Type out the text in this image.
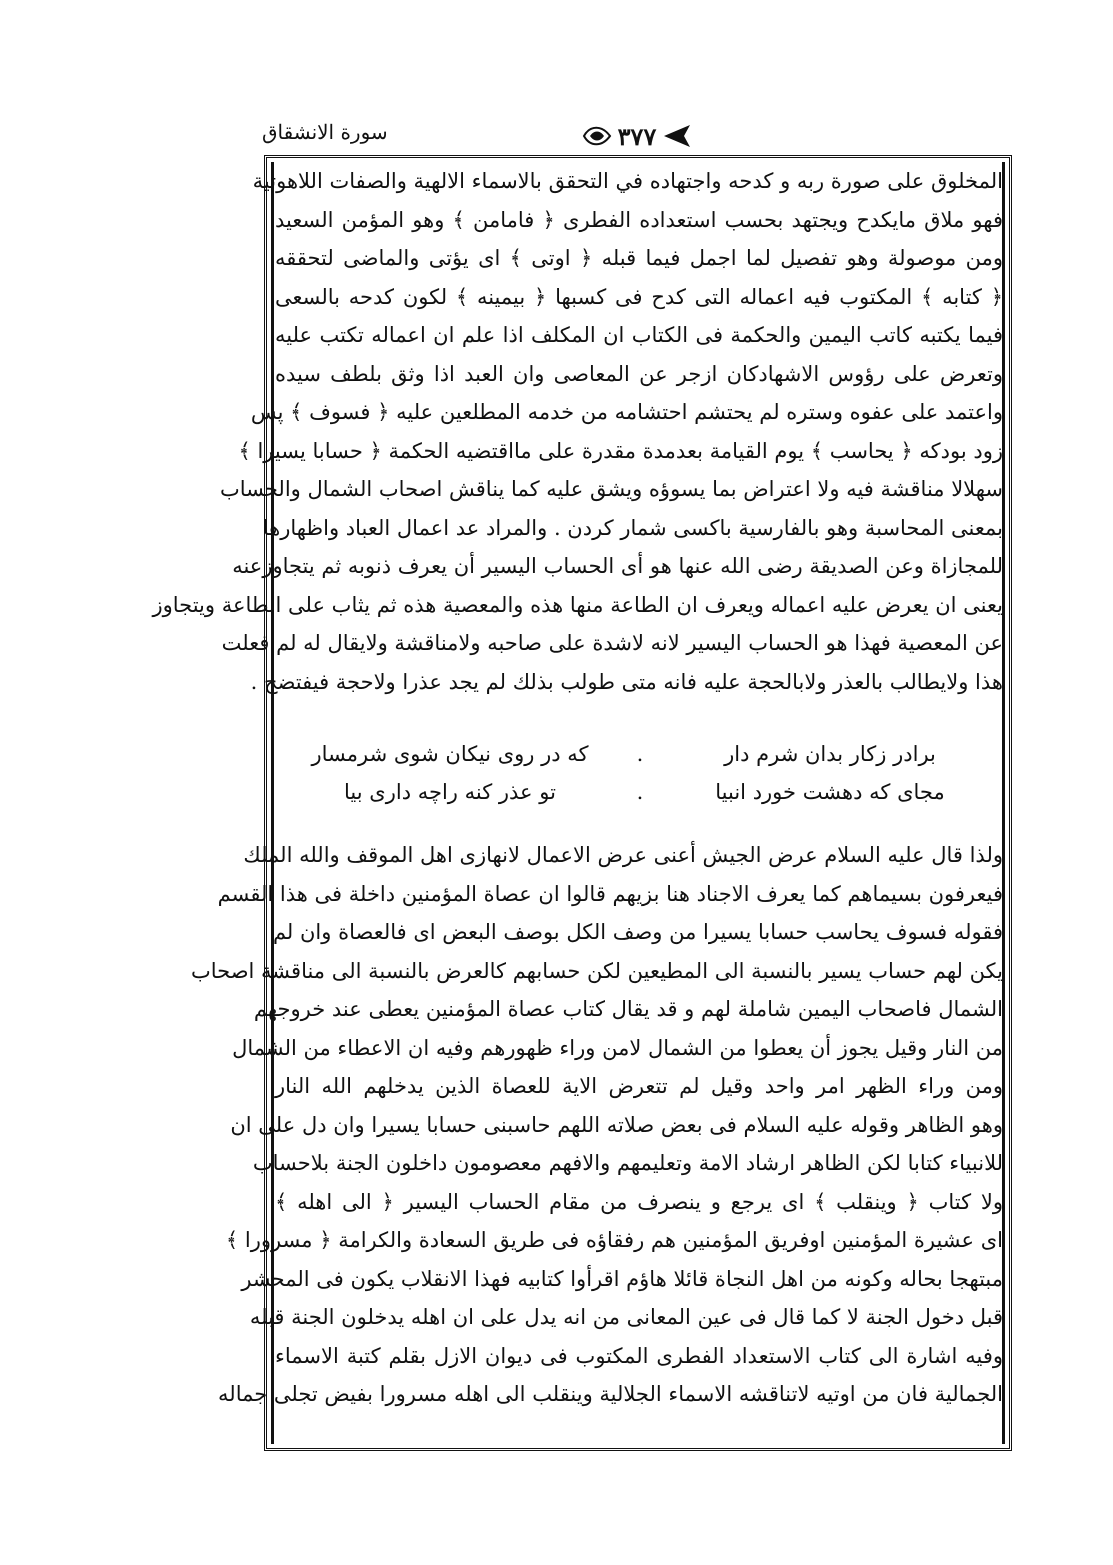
سورة الانشقاق	٣٧٧
المخلوق على صورة ربه و كدحه واجتهاده في التحقق بالاسماء الالهية والصفات اللاهوتية
فهو ملاق مايكدح ويجتهد بحسب استعداده الفطرى ﴿ فامامن ﴾ وهو المؤمن السعيد
ومن موصولة وهو تفصيل لما اجمل فيما قبله ﴿ اوتى ﴾ اى يؤتى والماضى لتحققه
﴿ كتابه ﴾ المكتوب فيه اعماله التى كدح فى كسبها ﴿ بيمينه ﴾ لكون كدحه بالسعى
فيما يكتبه كاتب اليمين والحكمة فى الكتاب ان المكلف اذا علم ان اعماله تكتب عليه
وتعرض على رؤوس الاشهادكان ازجر عن المعاصى وان العبد اذا وثق بلطف سيده
واعتمد على عفوه وستره لم يحتشم احتشامه من خدمه المطلعين عليه ﴿ فسوف ﴾ پس
زود بودكه ﴿ يحاسب ﴾ يوم القيامة بعدمدة مقدرة على مااقتضيه الحكمة ﴿ حسابا يسيرا ﴾
سهلالا مناقشة فيه ولا اعتراض بما يسوؤه ويشق عليه كما يناقش اصحاب الشمال والحساب
بمعنى المحاسبة وهو بالفارسية باكسى شمار كردن . والمراد عد اعمال العباد واظهارها
للمجازاة وعن الصديقة رضى الله عنها هو أى الحساب اليسير أن يعرف ذنوبه ثم يتجاوزعنه
يعنى ان يعرض عليه اعماله ويعرف ان الطاعة منها هذه والمعصية هذه ثم يثاب على الطاعة ويتجاوز
عن المعصية فهذا هو الحساب اليسير لانه لاشدة على صاحبه ولامناقشة ولايقال له لم فعلت
هذا ولايطالب بالعذر ولابالحجة عليه فانه متى طولب بذلك لم يجد عذرا ولاحجة فيفتضح .
برادر زكار بدان شرم دار
.
كه در روى نيكان شوى شرمسار
مجاى كه دهشت خورد انبيا
.
تو عذر كنه راچه دارى بيا
ولذا قال عليه السلام عرض الجيش أعنى عرض الاعمال لانهازى اهل الموقف والله الملك
فيعرفون بسيماهم كما يعرف الاجناد هنا بزيهم قالوا ان عصاة المؤمنين داخلة فى هذا القسم
فقوله فسوف يحاسب حسابا يسيرا من وصف الكل بوصف البعض اى فالعصاة وان لم
يكن لهم حساب يسير بالنسبة الى المطيعين لكن حسابهم كالعرض بالنسبة الى مناقشة اصحاب
الشمال فاصحاب اليمين شاملة لهم و قد يقال كتاب عصاة المؤمنين يعطى عند خروجهم
من النار وقيل يجوز أن يعطوا من الشمال لامن وراء ظهورهم وفيه ان الاعطاء من الشمال
ومن وراء الظهر امر واحد وقيل لم تتعرض الاية للعصاة الذين يدخلهم الله النار
وهو الظاهر وقوله عليه السلام فى بعض صلاته اللهم حاسبنى حسابا يسيرا وان دل على ان
للانبياء كتابا لكن الظاهر ارشاد الامة وتعليمهم والافهم معصومون داخلون الجنة بلاحساب
ولا كتاب ﴿ وينقلب ﴾ اى يرجع و ينصرف من مقام الحساب اليسير ﴿ الى اهله ﴾
اى عشيرة المؤمنين اوفريق المؤمنين هم رفقاؤه فى طريق السعادة والكرامة ﴿ مسرورا ﴾
مبتهجا بحاله وكونه من اهل النجاة قائلا هاؤم اقرأوا كتابيه فهذا الانقلاب يكون فى المحشر
قبل دخول الجنة لا كما قال فى عين المعانى من انه يدل على ان اهله يدخلون الجنة قبله
وفيه اشارة الى كتاب الاستعداد الفطرى المكتوب فى ديوان الازل بقلم كتبة الاسماء
الجمالية فان من اوتيه لاتناقشه الاسماء الجلالية وينقلب الى اهله مسرورا بفيض تجلى جماله
